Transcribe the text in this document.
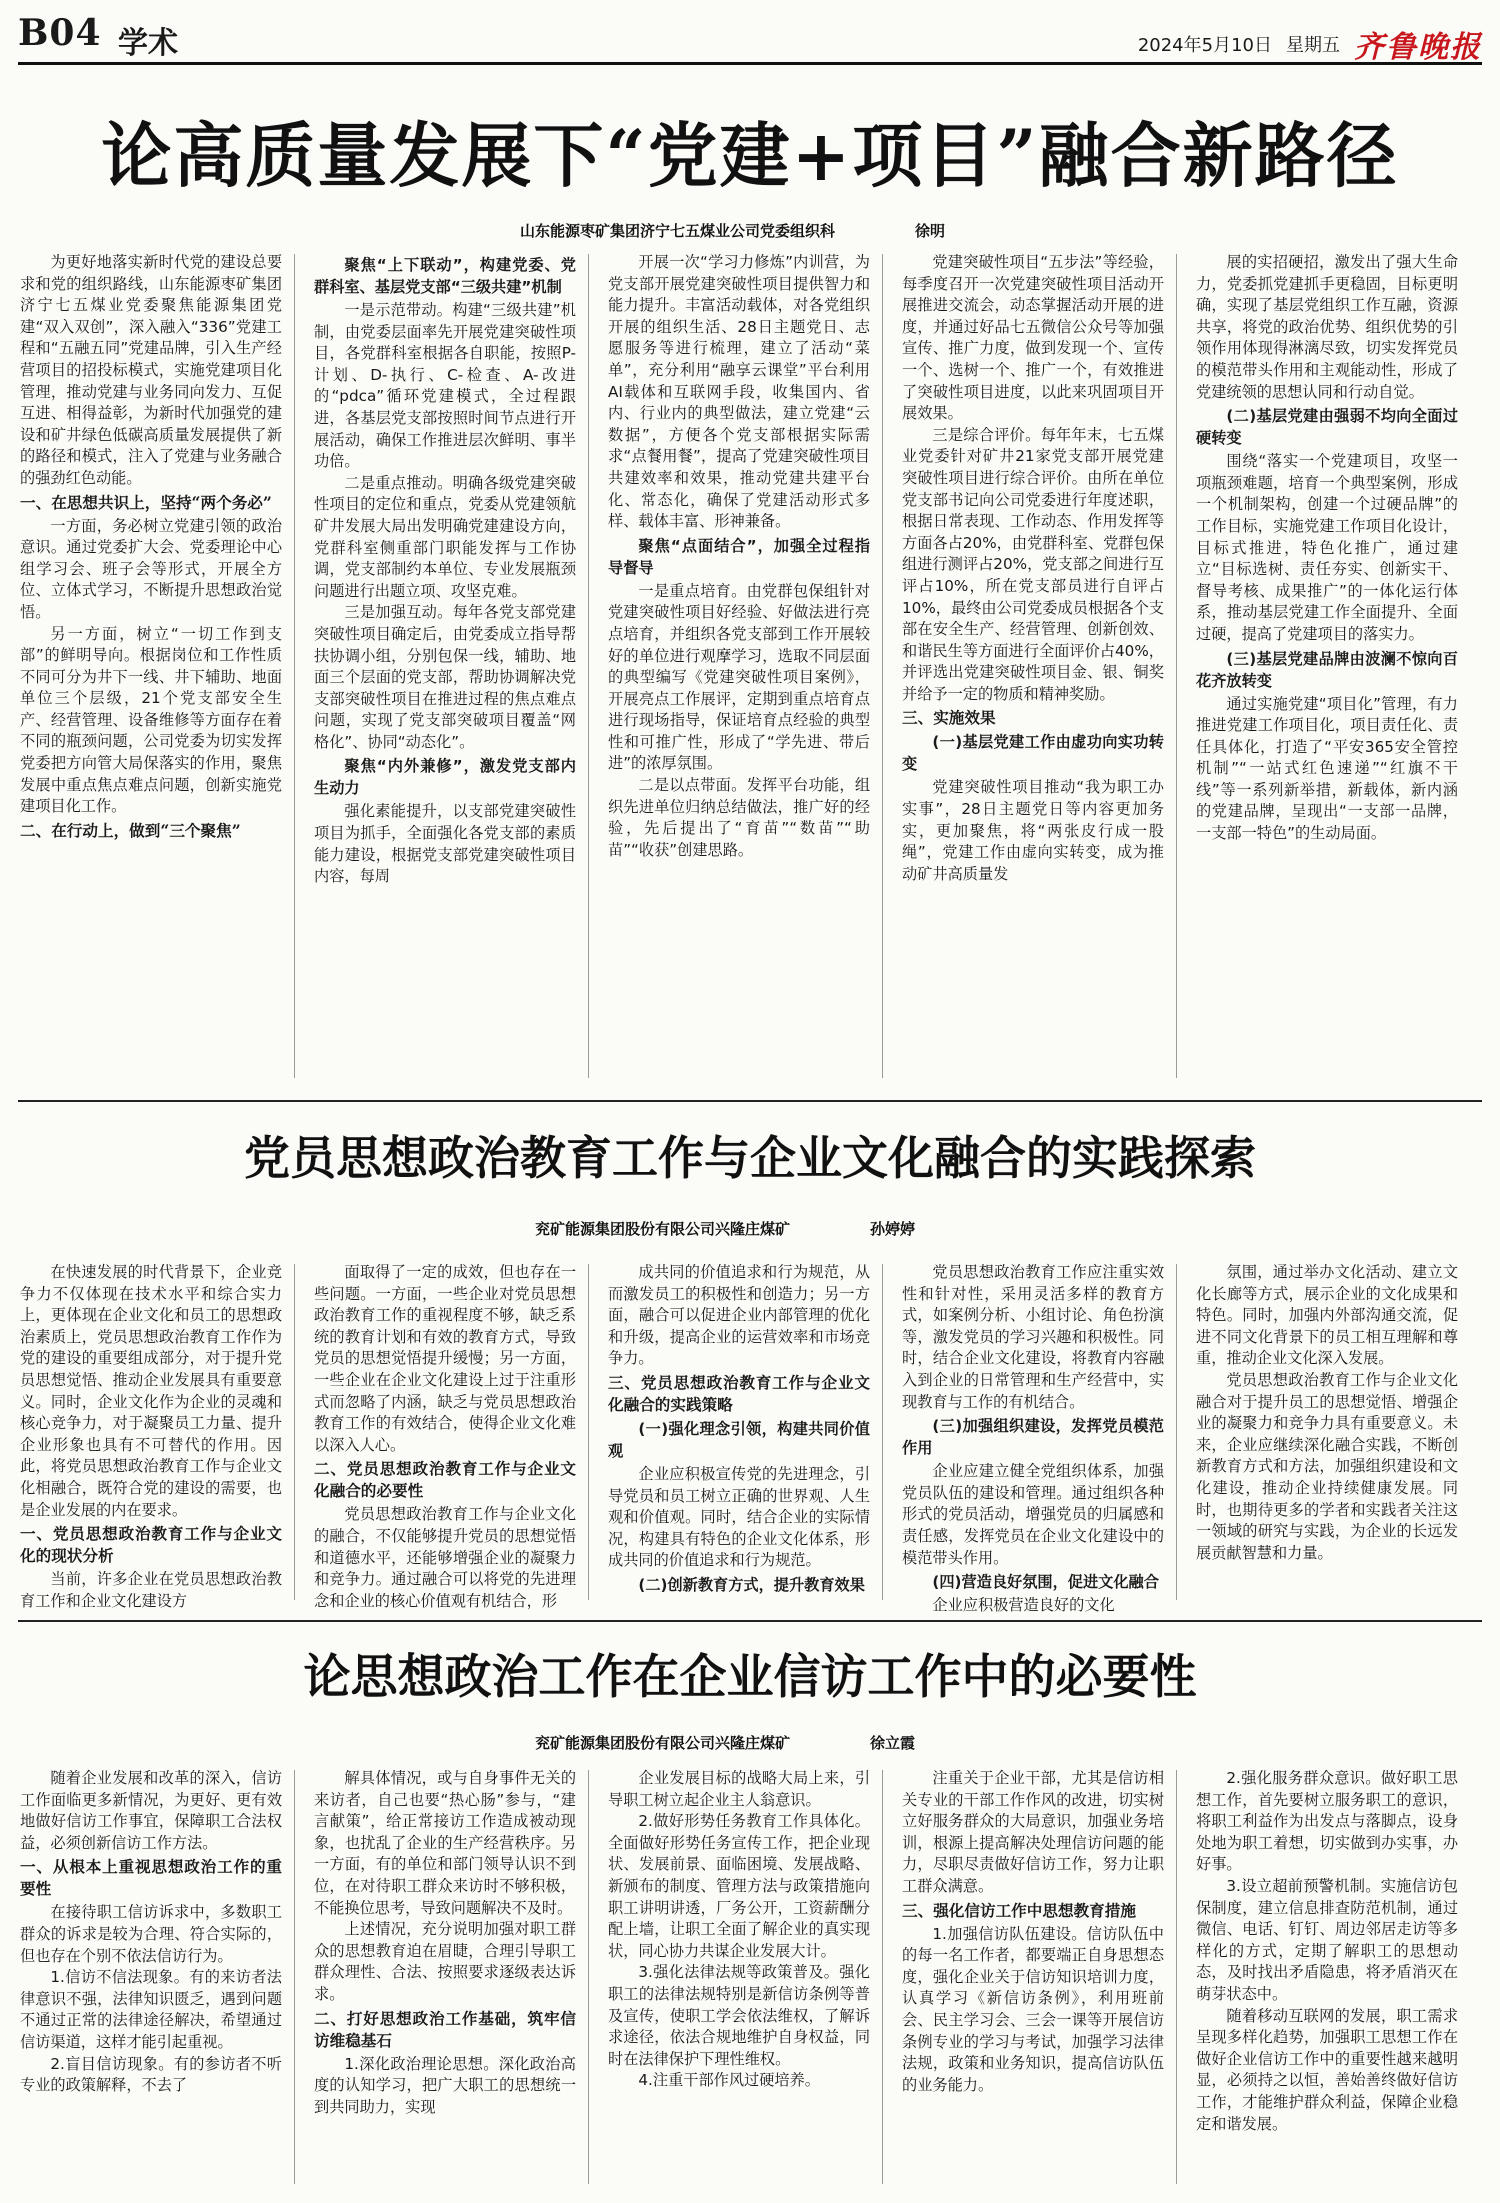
B04 学术	2024年5月10日 星期五 齐鲁晚报
论高质量发展下“党建+项目”融合新路径
山东能源枣矿集团济宁七五煤业公司党委组织科	徐明

为更好地落实新时代党的建设总要求和党的组织路线，山东能源枣矿集团济宁七五煤业党委聚焦能源集团党建“双入双创”，深入融入“336”党建工程和“五融五同”党建品牌，引入生产经营项目的招投标模式，实施党建项目化管理，推动党建与业务同向发力、互促互进、相得益彰，为新时代加强党的建设和矿井绿色低碳高质量发展提供了新的路径和模式，注入了党建与业务融合的强劲红色动能。

一、在思想共识上，坚持“两个务必”

一方面，务必树立党建引领的政治意识。通过党委扩大会、党委理论中心组学习会、班子会等形式，开展全方位、立体式学习，不断提升思想政治觉悟。

另一方面，树立“一切工作到支部”的鲜明导向。根据岗位和工作性质不同可分为井下一线、井下辅助、地面单位三个层级，21个党支部安全生产、经营管理、设备维修等方面存在着不同的瓶颈问题，公司党委为切实发挥党委把方向管大局保落实的作用，聚焦发展中重点焦点难点问题，创新实施党建项目化工作。

二、在行动上，做到“三个聚焦”
聚焦“上下联动”，构建党委、党群科室、基层党支部“三级共建”机制

一是示范带动。构建“三级共建”机制，由党委层面率先开展党建突破性项目，各党群科室根据各自职能，按照P-计划、D-执行、C-检查、A-改进的“pdca”循环党建模式，全过程跟进，各基层党支部按照时间节点进行开展活动，确保工作推进层次鲜明、事半功倍。

二是重点推动。明确各级党建突破性项目的定位和重点，党委从党建领航矿井发展大局出发明确党建建设方向，党群科室侧重部门职能发挥与工作协调，党支部制约本单位、专业发展瓶颈问题进行出题立项、攻坚克难。

三是加强互动。每年各党支部党建突破性项目确定后，由党委成立指导帮扶协调小组，分别包保一线，辅助、地面三个层面的党支部，帮助协调解决党支部突破性项目在推进过程的焦点难点问题，实现了党支部突破项目覆盖“网格化”、协同“动态化”。

聚焦“内外兼修”，激发党支部内生动力

强化素能提升，以支部党建突破性项目为抓手，全面强化各党支部的素质能力建设，根据党支部党建突破性项目内容，每周

开展一次“学习力修炼”内训营，为党支部开展党建突破性项目提供智力和能力提升。丰富活动载体，对各党组织开展的组织生活、28日主题党日、志愿服务等进行梳理，建立了活动“菜单”，充分利用“融享云课堂”平台利用AI载体和互联网手段，收集国内、省内、行业内的典型做法，建立党建“云数据”，方便各个党支部根据实际需求“点餐用餐”，提高了党建突破性项目共建效率和效果，推动党建共建平台化、常态化，确保了党建活动形式多样、载体丰富、形神兼备。

聚焦“点面结合”，加强全过程指导督导

一是重点培育。由党群包保组针对党建突破性项目好经验、好做法进行亮点培育，并组织各党支部到工作开展较好的单位进行观摩学习，选取不同层面的典型编写《党建突破性项目案例》，开展亮点工作展评，定期到重点培育点进行现场指导，保证培育点经验的典型性和可推广性，形成了“学先进、带后进”的浓厚氛围。

二是以点带面。发挥平台功能，组织先进单位归纳总结做法，推广好的经验，先后提出了“育苗”“数苗”“助苗”“收获”创建思路。

党建突破性项目“五步法”等经验，每季度召开一次党建突破性项目活动开展推进交流会，动态掌握活动开展的进度，并通过好品七五微信公众号等加强宣传、推广力度，做到发现一个、宣传一个、选树一个、推广一个，有效推进了突破性项目进度，以此来巩固项目开展效果。

三是综合评价。每年年末，七五煤业党委针对矿井21家党支部开展党建突破性项目进行综合评价。由所在单位党支部书记向公司党委进行年度述职，根据日常表现、工作动态、作用发挥等方面各占20%，由党群科室、党群包保组进行测评占20%，党支部之间进行互评占10%，所在党支部员进行自评占10%，最终由公司党委成员根据各个支部在安全生产、经营管理、创新创效、和谐民生等方面进行全面评价占40%，并评选出党建突破性项目金、银、铜奖并给予一定的物质和精神奖励。

三、实施效果
(一)基层党建工作由虚功向实功转变

党建突破性项目推动“我为职工办实事”，28日主题党日等内容更加务实，更加聚焦，将“两张皮行成一股绳”，党建工作由虚向实转变，成为推动矿井高质量发

展的实招硬招，激发出了强大生命力，党委抓党建抓手更稳固，目标更明确，实现了基层党组织工作互融，资源共享，将党的政治优势、组织优势的引领作用体现得淋漓尽致，切实发挥党员的模范带头作用和主观能动性，形成了党建统领的思想认同和行动自觉。

(二)基层党建由强弱不均向全面过硬转变

围绕“落实一个党建项目，攻坚一项瓶颈难题，培育一个典型案例，形成一个机制架构，创建一个过硬品牌”的工作目标，实施党建工作项目化设计，目标式推进，特色化推广，通过建立“目标选树、责任夯实、创新实干、督导考核、成果推广”的一体化运行体系，推动基层党建工作全面提升、全面过硬，提高了党建项目的落实力。

(三)基层党建品牌由波澜不惊向百花齐放转变

通过实施党建“项目化”管理，有力推进党建工作项目化，项目责任化、责任具体化，打造了“平安365安全管控机制”“一站式红色速递”“红旗不干线”等一系列新举措，新载体，新内涵的党建品牌，呈现出“一支部一品牌，一支部一特色”的生动局面。

党员思想政治教育工作与企业文化融合的实践探索
兖矿能源集团股份有限公司兴隆庄煤矿	孙婷婷

在快速发展的时代背景下，企业竞争力不仅体现在技术水平和综合实力上，更体现在企业文化和员工的思想政治素质上，党员思想政治教育工作作为党的建设的重要组成部分，对于提升党员思想觉悟、推动企业发展具有重要意义。同时，企业文化作为企业的灵魂和核心竞争力，对于凝聚员工力量、提升企业形象也具有不可替代的作用。因此，将党员思想政治教育工作与企业文化相融合，既符合党的建设的需要，也是企业发展的内在要求。

一、党员思想政治教育工作与企业文化的现状分析

当前，许多企业在党员思想政治教育工作和企业文化建设方

面取得了一定的成效，但也存在一些问题。一方面，一些企业对党员思想政治教育工作的重视程度不够，缺乏系统的教育计划和有效的教育方式，导致党员的思想觉悟提升缓慢；另一方面，一些企业在企业文化建设上过于注重形式而忽略了内涵，缺乏与党员思想政治教育工作的有效结合，使得企业文化难以深入人心。

二、党员思想政治教育工作与企业文化融合的必要性

党员思想政治教育工作与企业文化的融合，不仅能够提升党员的思想觉悟和道德水平，还能够增强企业的凝聚力和竞争力。通过融合可以将党的先进理念和企业的核心价值观有机结合，形

成共同的价值追求和行为规范，从而激发员工的积极性和创造力；另一方面，融合可以促进企业内部管理的优化和升级，提高企业的运营效率和市场竞争力。

三、党员思想政治教育工作与企业文化融合的实践策略
(一)强化理念引领，构建共同价值观

企业应积极宣传党的先进理念，引导党员和员工树立正确的世界观、人生观和价值观。同时，结合企业的实际情况，构建具有特色的企业文化体系，形成共同的价值追求和行为规范。

(二)创新教育方式，提升教育效果

党员思想政治教育工作应注重实效性和针对性，采用灵活多样的教育方式，如案例分析、小组讨论、角色扮演等，激发党员的学习兴趣和积极性。同时，结合企业文化建设，将教育内容融入到企业的日常管理和生产经营中，实现教育与工作的有机结合。

(三)加强组织建设，发挥党员模范作用

企业应建立健全党组织体系，加强党员队伍的建设和管理。通过组织各种形式的党员活动，增强党员的归属感和责任感，发挥党员在企业文化建设中的模范带头作用。

(四)营造良好氛围，促进文化融合

企业应积极营造良好的文化

氛围，通过举办文化活动、建立文化长廊等方式，展示企业的文化成果和特色。同时，加强内外部沟通交流，促进不同文化背景下的员工相互理解和尊重，推动企业文化深入发展。

党员思想政治教育工作与企业文化融合对于提升员工的思想觉悟、增强企业的凝聚力和竞争力具有重要意义。未来，企业应继续深化融合实践，不断创新教育方式和方法，加强组织建设和文化建设，推动企业持续健康发展。同时，也期待更多的学者和实践者关注这一领域的研究与实践，为企业的长远发展贡献智慧和力量。

论思想政治工作在企业信访工作中的必要性
兖矿能源集团股份有限公司兴隆庄煤矿	徐立霞

随着企业发展和改革的深入，信访工作面临更多新情况，为更好、更有效地做好信访工作事宜，保障职工合法权益，必须创新信访工作方法。

一、从根本上重视思想政治工作的重要性

在接待职工信访诉求中，多数职工群众的诉求是较为合理、符合实际的，但也存在个别不依法信访行为。

1.信访不信法现象。有的来访者法律意识不强，法律知识匮乏，遇到问题不通过正常的法律途径解决，希望通过信访渠道，这样才能引起重视。

2.盲目信访现象。有的参访者不听专业的政策解释，不去了

解具体情况，或与自身事件无关的来访者，自己也要“热心肠”参与，“建言献策”，给正常接访工作造成被动现象，也扰乱了企业的生产经营秩序。另一方面，有的单位和部门领导认识不到位，在对待职工群众来访时不够积极，不能换位思考，导致问题解决不及时。

上述情况，充分说明加强对职工群众的思想教育迫在眉睫，合理引导职工群众理性、合法、按照要求逐级表达诉求。

二、打好思想政治工作基础，筑牢信访维稳基石

1.深化政治理论思想。深化政治高度的认知学习，把广大职工的思想统一到共同助力，实现

企业发展目标的战略大局上来，引导职工树立起企业主人翁意识。

2.做好形势任务教育工作具体化。全面做好形势任务宣传工作，把企业现状、发展前景、面临困境、发展战略、新颁布的制度、管理方法与政策措施向职工讲明讲透，厂务公开，工资薪酬分配上墙，让职工全面了解企业的真实现状，同心协力共谋企业发展大计。

3.强化法律法规等政策普及。强化职工的法律法规特别是新信访条例等普及宣传，使职工学会依法维权，了解诉求途径，依法合规地维护自身权益，同时在法律保护下理性维权。

4.注重干部作风过硬培养。

注重关于企业干部，尤其是信访相关专业的干部工作作风的改进，切实树立好服务群众的大局意识，加强业务培训，根源上提高解决处理信访问题的能力，尽职尽责做好信访工作，努力让职工群众满意。

三、强化信访工作中思想教育措施

1.加强信访队伍建设。信访队伍中的每一名工作者，都要端正自身思想态度，强化企业关于信访知识培训力度，认真学习《新信访条例》，利用班前会、民主学习会、三会一课等开展信访条例专业的学习与考试，加强学习法律法规，政策和业务知识，提高信访队伍的业务能力。

2.强化服务群众意识。做好职工思想工作，首先要树立服务职工的意识，将职工利益作为出发点与落脚点，设身处地为职工着想，切实做到办实事，办好事。

3.设立超前预警机制。实施信访包保制度，建立信息排查防范机制，通过微信、电话、钉钉、周边邻居走访等多样化的方式，定期了解职工的思想动态，及时找出矛盾隐患，将矛盾消灭在萌芽状态中。

随着移动互联网的发展，职工需求呈现多样化趋势，加强职工思想工作在做好企业信访工作中的重要性越来越明显，必须持之以恒，善始善终做好信访工作，才能维护群众利益，保障企业稳定和谐发展。
